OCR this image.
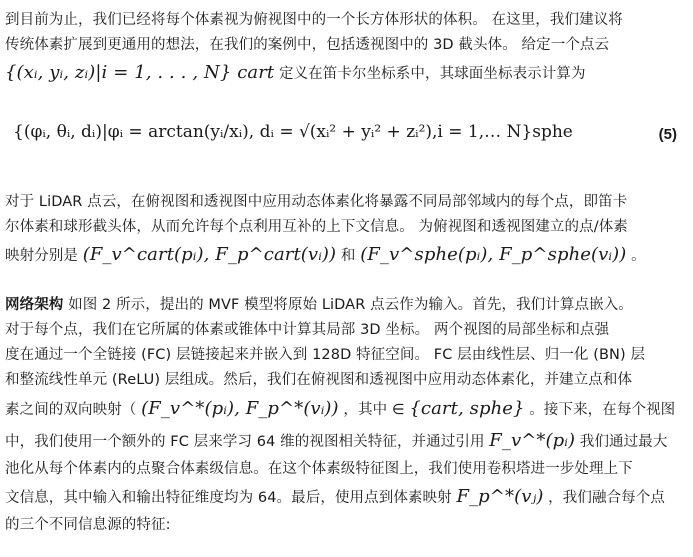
到目前为止，我们已经将每个体素视为俯视图中的一个长方体形状的体积。 在这里，我们建议将
传统体素扩展到更通用的想法，在我们的案例中，包括透视图中的 3D 截头体。 给定一个点云
{(xᵢ, yᵢ, zᵢ)|i = 1, . . . , N} cart 定义在笛卡尔坐标系中，其球面坐标表示计算为
{(φᵢ, θᵢ, dᵢ)|φᵢ = arctan(yᵢ/xᵢ), dᵢ = √(xᵢ² + yᵢ² + zᵢ²),i = 1,… N}sphe	(5)
对于 LiDAR 点云，在俯视图和透视图中应用动态体素化将暴露不同局部邻域内的每个点，即笛卡
尔体素和球形截头体，从而允许每个点利用互补的上下文信息。 为俯视图和透视图建立的点/体素
映射分别是 (F_v^cart(pᵢ), F_p^cart(vᵢ)) 和 (F_v^sphe(pᵢ), F_p^sphe(vᵢ)) 。
网络架构 如图 2 所示，提出的 MVF 模型将原始 LiDAR 点云作为输入。首先，我们计算点嵌入。
对于每个点，我们在它所属的体素或锥体中计算其局部 3D 坐标。 两个视图的局部坐标和点强
度在通过一个全链接 (FC) 层链接起来并嵌入到 128D 特征空间。 FC 层由线性层、归一化 (BN) 层
和整流线性单元 (ReLU) 层组成。然后，我们在俯视图和透视图中应用动态体素化，并建立点和体
素之间的双向映射（ (F_v^*(pᵢ), F_p^*(vᵢ)) ，其中 ∈ {cart, sphe} 。接下来，在每个视图
中，我们使用一个额外的 FC 层来学习 64 维的视图相关特征，并通过引用 F_v^*(pᵢ) 我们通过最大
池化从每个体素内的点聚合体素级信息。在这个体素级特征图上，我们使用卷积塔进一步处理上下
文信息，其中输入和输出特征维度均为 64。最后，使用点到体素映射 F_p^*(vⱼ) ，我们融合每个点
的三个不同信息源的特征:
